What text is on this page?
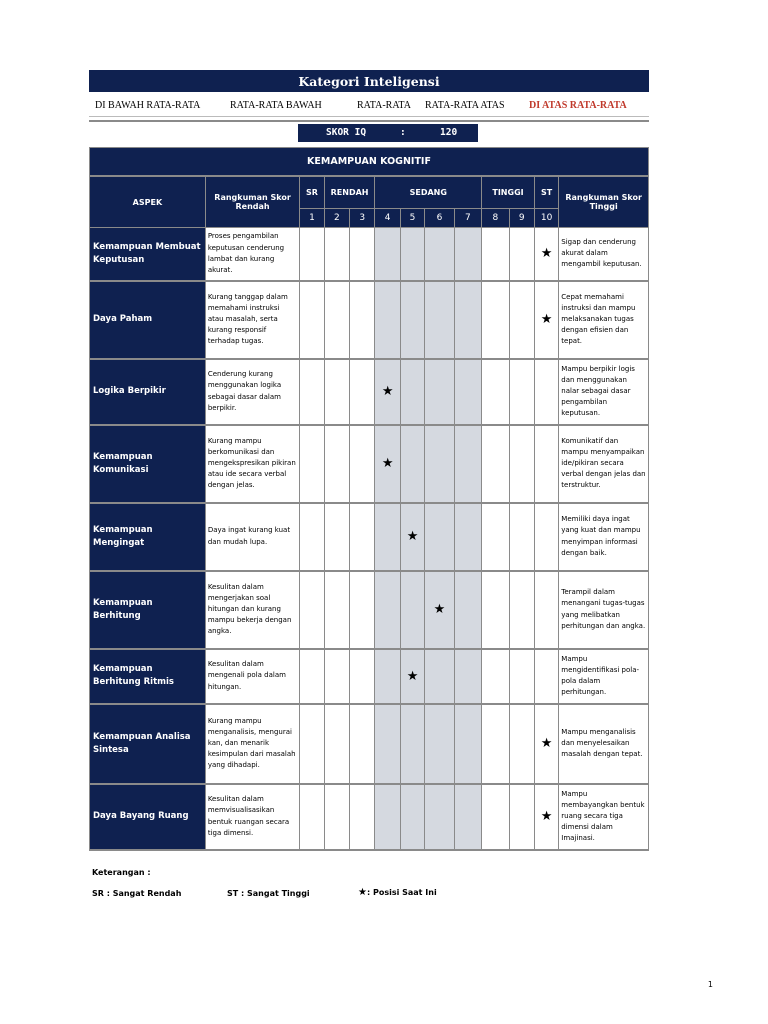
Kategori Inteligensi
DI BAWAH RATA-RATA	RATA-RATA BAWAH	RATA-RATA RATA-RATA ATAS DI ATAS RATA-RATA
SKOR IQ	:	120
KEMAMPUAN KOGNITIF												
ASPEK	Rangkuman Skor Rendah	SR	RENDAH		SEDANG				TINGGI		ST	Rangkuman Skor Tinggi
		1	2	3	4	5	6	7	8	9	10	
Kemampuan Membuat Keputusan	Proses pengambilan keputusan cenderung lambat dan kurang akurat.										★	Sigap dan cenderung akurat dalam mengambil keputusan.
Daya Paham	Kurang tanggap dalam memahami instruksi atau masalah, serta kurang responsif terhadap tugas.										★	Cepat memahami instruksi dan mampu melaksanakan tugas dengan efisien dan tepat.
Logika Berpikir	Cenderung kurang menggunakan logika sebagai dasar dalam berpikir.				★							Mampu berpikir logis dan menggunakan nalar sebagai dasar pengambilan keputusan.
Kemampuan Komunikasi	Kurang mampu berkomunikasi dan mengekspresikan pikiran atau ide secara verbal dengan jelas.				★							Komunikatif dan mampu menyampaikan ide/pikiran secara verbal dengan jelas dan terstruktur.
Kemampuan Mengingat	Daya ingat kurang kuat dan mudah lupa.					★						Memiliki daya ingat yang kuat dan mampu menyimpan informasi dengan baik.
Kemampuan Berhitung	Kesulitan dalam mengerjakan soal hitungan dan kurang mampu bekerja dengan angka.						★					Terampil dalam menangani tugas-tugas yang melibatkan perhitungan dan angka.
Kemampuan Berhitung Ritmis	Kesulitan dalam mengenali pola dalam hitungan.					★						Mampu mengidentifikasi pola-pola dalam perhitungan.
Kemampuan Analisa Sintesa	Kurang mampu menganalisis, mengurai kan, dan menarik kesimpulan dari masalah yang dihadapi.										★	Mampu menganalisis dan menyelesaikan masalah dengan tepat.
Daya Bayang Ruang	Kesulitan dalam memvisualisasikan bentuk ruangan secara tiga dimensi.										★	Mampu membayangkan bentuk ruang secara tiga dimensi dalam Imajinasi.
Keterangan :
SR : Sangat Rendah	ST : Sangat Tinggi	★: Posisi Saat Ini
1
